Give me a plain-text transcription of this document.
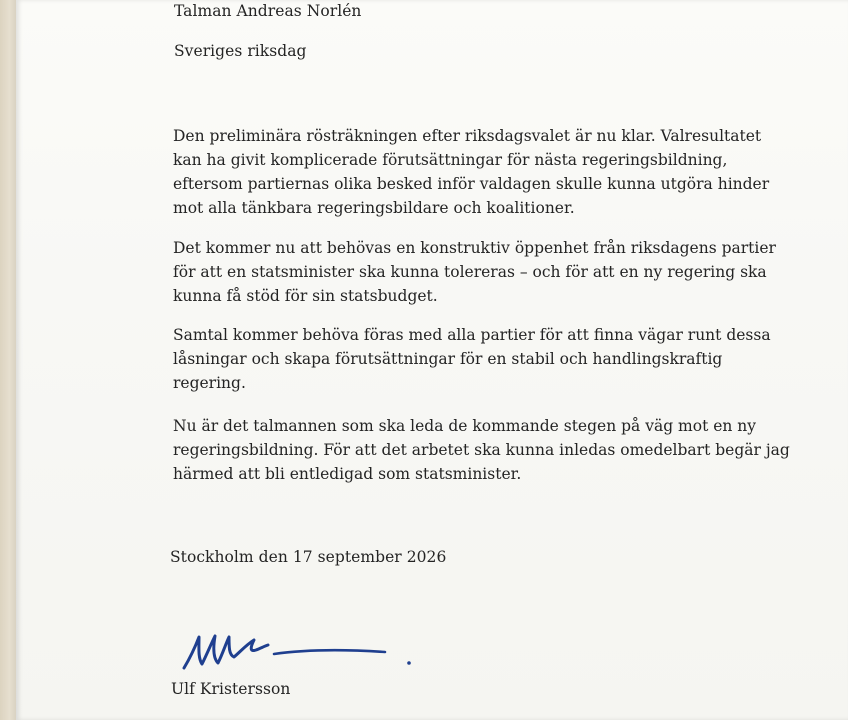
Talman Andreas Norlén
Sveriges riksdag
Den preliminära rösträkningen efter riksdagsvalet är nu klar. Valresultatet
kan ha givit komplicerade förutsättningar för nästa regeringsbildning,
eftersom partiernas olika besked inför valdagen skulle kunna utgöra hinder
mot alla tänkbara regeringsbildare och koalitioner.
Det kommer nu att behövas en konstruktiv öppenhet från riksdagens partier
för att en statsminister ska kunna tolereras – och för att en ny regering ska
kunna få stöd för sin statsbudget.
Samtal kommer behöva föras med alla partier för att finna vägar runt dessa
låsningar och skapa förutsättningar för en stabil och handlingskraftig
regering.
Nu är det talmannen som ska leda de kommande stegen på väg mot en ny
regeringsbildning. För att det arbetet ska kunna inledas omedelbart begär jag
härmed att bli entledigad som statsminister.
Stockholm den 17 september 2026
Ulf Kristersson
